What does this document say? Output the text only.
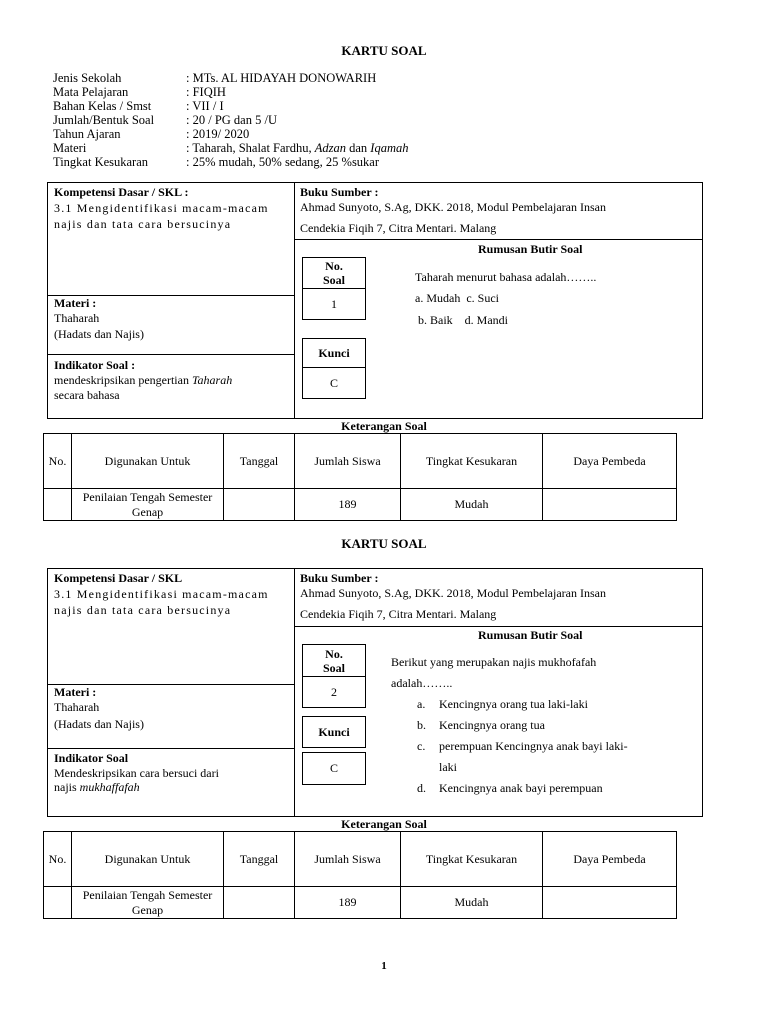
KARTU SOAL
Jenis Sekolah	: MTs. AL HIDAYAH DONOWARIH
Mata Pelajaran	: FIQIH
Bahan Kelas / Smst	: VII / I
Jumlah/Bentuk Soal	: 20 / PG dan 5 /U
Tahun Ajaran	: 2019/ 2020
Materi	: Taharah, Shalat Fardhu, Adzan dan Iqamah
Tingkat Kesukaran	: 25% mudah, 50% sedang, 25 %sukar
Kompetensi Dasar / SKL :
3.1 Mengidentifikasi macam-macam najis dan tata cara bersucinya
Materi :
Thaharah
(Hadats dan Najis)
Indikator Soal :
mendeskripsikan pengertian Taharah
secara bahasa
Buku Sumber :
Ahmad Sunyoto, S.Ag, DKK. 2018, Modul Pembelajaran Insan
Cendekia Fiqih 7, Citra Mentari. Malang
Rumusan Butir Soal
No.
Soal
1
Kunci
C
Taharah menurut bahasa adalah……..
a. Mudah c. Suci
b. Baik d. Mandi
Keterangan Soal
No.	Digunakan Untuk	Tanggal	Jumlah Siswa	Tingkat Kesukaran	Daya Pembeda
	Penilaian Tengah Semester Genap		189	Mudah	
KARTU SOAL
Kompetensi Dasar / SKL
3.1 Mengidentifikasi macam-macam najis dan tata cara bersucinya
Materi :
Thaharah
(Hadats dan Najis)
Indikator Soal
Mendeskripsikan cara bersuci dari
najis mukhaffafah
Buku Sumber :
Ahmad Sunyoto, S.Ag, DKK. 2018, Modul Pembelajaran Insan
Cendekia Fiqih 7, Citra Mentari. Malang
Rumusan Butir Soal
No.
Soal
2
Kunci
C
Berikut yang merupakan najis mukhofafah
adalah……..
a. Kencingnya orang tua laki-laki
b. Kencingnya orang tua
c. perempuan Kencingnya anak bayi laki-
laki
d. Kencingnya anak bayi perempuan
Keterangan Soal
No.	Digunakan Untuk	Tanggal	Jumlah Siswa	Tingkat Kesukaran	Daya Pembeda
	Penilaian Tengah Semester Genap		189	Mudah	
1
